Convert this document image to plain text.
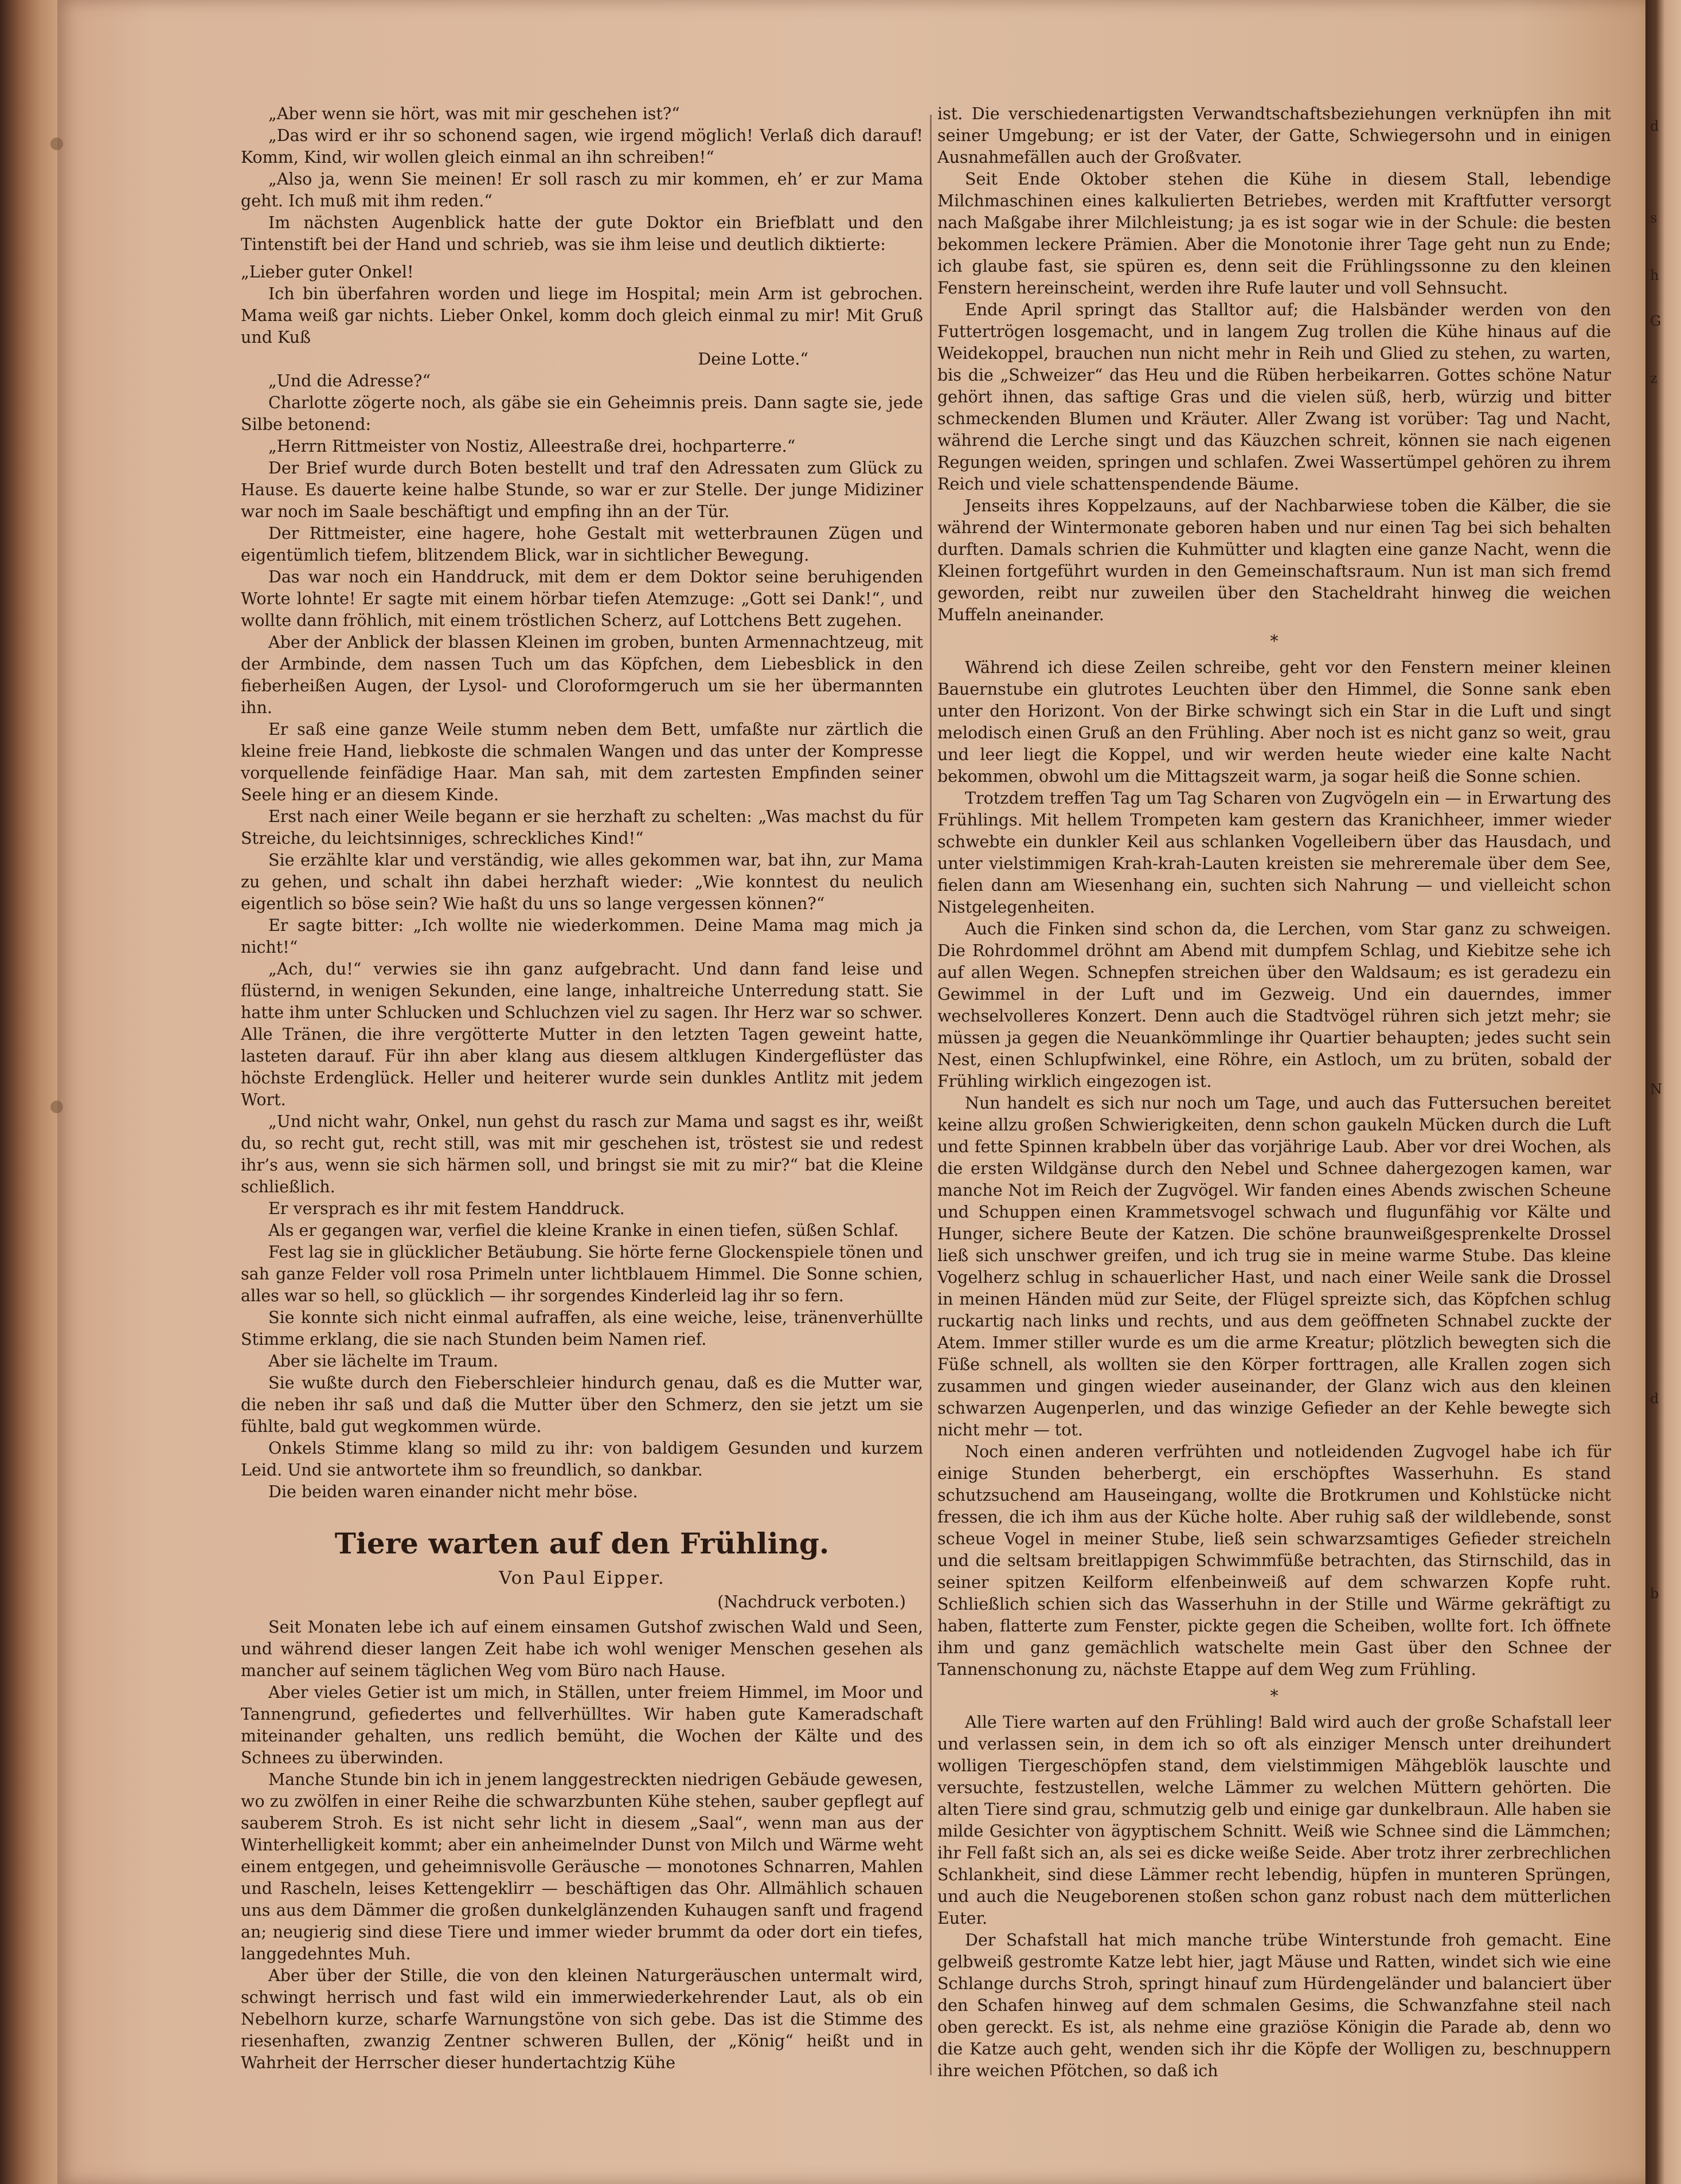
„Aber wenn sie hört, was mit mir geschehen ist?“

„Das wird er ihr so schonend sagen, wie irgend möglich! Verlaß dich darauf! Komm, Kind, wir wollen gleich einmal an ihn schreiben!“

„Also ja, wenn Sie meinen! Er soll rasch zu mir kommen, eh’ er zur Mama geht. Ich muß mit ihm reden.“

Im nächsten Augenblick hatte der gute Doktor ein Briefblatt und den Tintenstift bei der Hand und schrieb, was sie ihm leise und deutlich diktierte:

„Lieber guter Onkel!

Ich bin überfahren worden und liege im Hospital; mein Arm ist gebrochen. Mama weiß gar nichts. Lieber Onkel, komm doch gleich einmal zu mir! Mit Gruß und Kuß

Deine Lotte.“

„Und die Adresse?“

Charlotte zögerte noch, als gäbe sie ein Geheimnis preis. Dann sagte sie, jede Silbe betonend:

„Herrn Rittmeister von Nostiz, Alleestraße drei, hochparterre.“

Der Brief wurde durch Boten bestellt und traf den Adressaten zum Glück zu Hause. Es dauerte keine halbe Stunde, so war er zur Stelle. Der junge Midiziner war noch im Saale beschäftigt und empfing ihn an der Tür.

Der Rittmeister, eine hagere, hohe Gestalt mit wetterbraunen Zügen und eigentümlich tiefem, blitzendem Blick, war in sichtlicher Bewegung.

Das war noch ein Handdruck, mit dem er dem Doktor seine beruhigenden Worte lohnte! Er sagte mit einem hörbar tiefen Atemzuge: „Gott sei Dank!“, und wollte dann fröhlich, mit einem tröstlichen Scherz, auf Lottchens Bett zugehen.

Aber der Anblick der blassen Kleinen im groben, bunten Armennachtzeug, mit der Armbinde, dem nassen Tuch um das Köpfchen, dem Liebesblick in den fieberheißen Augen, der Lysol- und Cloroformgeruch um sie her übermannten ihn.

Er saß eine ganze Weile stumm neben dem Bett, umfaßte nur zärtlich die kleine freie Hand, liebkoste die schmalen Wangen und das unter der Kompresse vorquellende feinfädige Haar. Man sah, mit dem zartesten Empfinden seiner Seele hing er an diesem Kinde.

Erst nach einer Weile begann er sie herzhaft zu schelten: „Was machst du für Streiche, du leichtsinniges, schreckliches Kind!“

Sie erzählte klar und verständig, wie alles gekommen war, bat ihn, zur Mama zu gehen, und schalt ihn dabei herzhaft wieder: „Wie konntest du neulich eigentlich so böse sein? Wie haßt du uns so lange vergessen können?“

Er sagte bitter: „Ich wollte nie wiederkommen. Deine Mama mag mich ja nicht!“

„Ach, du!“ verwies sie ihn ganz aufgebracht. Und dann fand leise und flüsternd, in wenigen Sekunden, eine lange, inhaltreiche Unterredung statt. Sie hatte ihm unter Schlucken und Schluchzen viel zu sagen. Ihr Herz war so schwer. Alle Tränen, die ihre vergötterte Mutter in den letzten Tagen geweint hatte, lasteten darauf. Für ihn aber klang aus diesem altklugen Kindergeflüster das höchste Erdenglück. Heller und heiterer wurde sein dunkles Antlitz mit jedem Wort.

„Und nicht wahr, Onkel, nun gehst du rasch zur Mama und sagst es ihr, weißt du, so recht gut, recht still, was mit mir geschehen ist, tröstest sie und redest ihr’s aus, wenn sie sich härmen soll, und bringst sie mit zu mir?“ bat die Kleine schließlich.

Er versprach es ihr mit festem Handdruck.

Als er gegangen war, verfiel die kleine Kranke in einen tiefen, süßen Schlaf.

Fest lag sie in glücklicher Betäubung. Sie hörte ferne Glockenspiele tönen und sah ganze Felder voll rosa Primeln unter lichtblauem Himmel. Die Sonne schien, alles war so hell, so glücklich — ihr sorgendes Kinderleid lag ihr so fern.

Sie konnte sich nicht einmal aufraffen, als eine weiche, leise, tränenverhüllte Stimme erklang, die sie nach Stunden beim Namen rief.

Aber sie lächelte im Traum.

Sie wußte durch den Fieberschleier hindurch genau, daß es die Mutter war, die neben ihr saß und daß die Mutter über den Schmerz, den sie jetzt um sie fühlte, bald gut wegkommen würde.

Onkels Stimme klang so mild zu ihr: von baldigem Gesunden und kurzem Leid. Und sie antwortete ihm so freundlich, so dankbar.

Die beiden waren einander nicht mehr böse.

Tiere warten auf den Frühling.
Von Paul Eipper.
(Nachdruck verboten.)

Seit Monaten lebe ich auf einem einsamen Gutshof zwischen Wald und Seen, und während dieser langen Zeit habe ich wohl weniger Menschen gesehen als mancher auf seinem täglichen Weg vom Büro nach Hause.

Aber vieles Getier ist um mich, in Ställen, unter freiem Himmel, im Moor und Tannengrund, gefiedertes und fellverhülltes. Wir haben gute Kameradschaft miteinander gehalten, uns redlich bemüht, die Wochen der Kälte und des Schnees zu überwinden.

Manche Stunde bin ich in jenem langgestreckten niedrigen Gebäude gewesen, wo zu zwölfen in einer Reihe die schwarzbunten Kühe stehen, sauber gepflegt auf sauberem Stroh. Es ist nicht sehr licht in diesem „Saal“, wenn man aus der Winterhelligkeit kommt; aber ein anheimelnder Dunst von Milch und Wärme weht einem entgegen, und geheimnisvolle Geräusche — monotones Schnarren, Mahlen und Rascheln, leises Kettengeklirr — beschäftigen das Ohr. Allmählich schauen uns aus dem Dämmer die großen dunkelglänzenden Kuhaugen sanft und fragend an; neugierig sind diese Tiere und immer wieder brummt da oder dort ein tiefes, langgedehntes Muh.

Aber über der Stille, die von den kleinen Naturgeräuschen untermalt wird, schwingt herrisch und fast wild ein immerwiederkehrender Laut, als ob ein Nebelhorn kurze, scharfe Warnungstöne von sich gebe. Das ist die Stimme des riesenhaften, zwanzig Zentner schweren Bullen, der „König“ heißt und in Wahrheit der Herrscher dieser hundertachtzig Kühe

ist. Die verschiedenartigsten Verwandtschaftsbeziehungen verknüpfen ihn mit seiner Umgebung; er ist der Vater, der Gatte, Schwiegersohn und in einigen Ausnahmefällen auch der Großvater.

Seit Ende Oktober stehen die Kühe in diesem Stall, lebendige Milchmaschinen eines kalkulierten Betriebes, werden mit Kraftfutter versorgt nach Maßgabe ihrer Milchleistung; ja es ist sogar wie in der Schule: die besten bekommen leckere Prämien. Aber die Monotonie ihrer Tage geht nun zu Ende; ich glaube fast, sie spüren es, denn seit die Frühlingssonne zu den kleinen Fenstern hereinscheint, werden ihre Rufe lauter und voll Sehnsucht.

Ende April springt das Stalltor auf; die Halsbänder werden von den Futtertrögen losgemacht, und in langem Zug trollen die Kühe hinaus auf die Weidekoppel, brauchen nun nicht mehr in Reih und Glied zu stehen, zu warten, bis die „Schweizer“ das Heu und die Rüben herbeikarren. Gottes schöne Natur gehört ihnen, das saftige Gras und die vielen süß, herb, würzig und bitter schmeckenden Blumen und Kräuter. Aller Zwang ist vorüber: Tag und Nacht, während die Lerche singt und das Käuzchen schreit, können sie nach eigenen Regungen weiden, springen und schlafen. Zwei Wassertümpel gehören zu ihrem Reich und viele schattenspendende Bäume.

Jenseits ihres Koppelzauns, auf der Nachbarwiese toben die Kälber, die sie während der Wintermonate geboren haben und nur einen Tag bei sich behalten durften. Damals schrien die Kuhmütter und klagten eine ganze Nacht, wenn die Kleinen fortgeführt wurden in den Gemeinschaftsraum. Nun ist man sich fremd geworden, reibt nur zuweilen über den Stacheldraht hinweg die weichen Muffeln aneinander.

*

Während ich diese Zeilen schreibe, geht vor den Fenstern meiner kleinen Bauernstube ein glutrotes Leuchten über den Himmel, die Sonne sank eben unter den Horizont. Von der Birke schwingt sich ein Star in die Luft und singt melodisch einen Gruß an den Frühling. Aber noch ist es nicht ganz so weit, grau und leer liegt die Koppel, und wir werden heute wieder eine kalte Nacht bekommen, obwohl um die Mittagszeit warm, ja sogar heiß die Sonne schien.

Trotzdem treffen Tag um Tag Scharen von Zugvögeln ein — in Erwartung des Frühlings. Mit hellem Trompeten kam gestern das Kranichheer, immer wieder schwebte ein dunkler Keil aus schlanken Vogelleibern über das Hausdach, und unter vielstimmigen Krah-krah-Lauten kreisten sie mehreremale über dem See, fielen dann am Wiesenhang ein, suchten sich Nahrung — und vielleicht schon Nistgelegenheiten.

Auch die Finken sind schon da, die Lerchen, vom Star ganz zu schweigen. Die Rohrdommel dröhnt am Abend mit dumpfem Schlag, und Kiebitze sehe ich auf allen Wegen. Schnepfen streichen über den Waldsaum; es ist geradezu ein Gewimmel in der Luft und im Gezweig. Und ein dauerndes, immer wechselvolleres Konzert. Denn auch die Stadtvögel rühren sich jetzt mehr; sie müssen ja gegen die Neuankömmlinge ihr Quartier behaupten; jedes sucht sein Nest, einen Schlupfwinkel, eine Röhre, ein Astloch, um zu brüten, sobald der Frühling wirklich eingezogen ist.

Nun handelt es sich nur noch um Tage, und auch das Futtersuchen bereitet keine allzu großen Schwierigkeiten, denn schon gaukeln Mücken durch die Luft und fette Spinnen krabbeln über das vorjährige Laub. Aber vor drei Wochen, als die ersten Wildgänse durch den Nebel und Schnee dahergezogen kamen, war manche Not im Reich der Zugvögel. Wir fanden eines Abends zwischen Scheune und Schuppen einen Krammetsvogel schwach und flugunfähig vor Kälte und Hunger, sichere Beute der Katzen. Die schöne braunweißgesprenkelte Drossel ließ sich unschwer greifen, und ich trug sie in meine warme Stube. Das kleine Vogelherz schlug in schauerlicher Hast, und nach einer Weile sank die Drossel in meinen Händen müd zur Seite, der Flügel spreizte sich, das Köpfchen schlug ruckartig nach links und rechts, und aus dem geöffneten Schnabel zuckte der Atem. Immer stiller wurde es um die arme Kreatur; plötzlich bewegten sich die Füße schnell, als wollten sie den Körper forttragen, alle Krallen zogen sich zusammen und gingen wieder auseinander, der Glanz wich aus den kleinen schwarzen Augenperlen, und das winzige Gefieder an der Kehle bewegte sich nicht mehr — tot.

Noch einen anderen verfrühten und notleidenden Zugvogel habe ich für einige Stunden beherbergt, ein erschöpftes Wasserhuhn. Es stand schutzsuchend am Hauseingang, wollte die Brotkrumen und Kohlstücke nicht fressen, die ich ihm aus der Küche holte. Aber ruhig saß der wildlebende, sonst scheue Vogel in meiner Stube, ließ sein schwarzsamtiges Gefieder streicheln und die seltsam breitlappigen Schwimmfüße betrachten, das Stirnschild, das in seiner spitzen Keilform elfenbeinweiß auf dem schwarzen Kopfe ruht. Schließlich schien sich das Wasserhuhn in der Stille und Wärme gekräftigt zu haben, flatterte zum Fenster, pickte gegen die Scheiben, wollte fort. Ich öffnete ihm und ganz gemächlich watschelte mein Gast über den Schnee der Tannenschonung zu, nächste Etappe auf dem Weg zum Frühling.

*

Alle Tiere warten auf den Frühling! Bald wird auch der große Schafstall leer und verlassen sein, in dem ich so oft als einziger Mensch unter dreihundert wolligen Tiergeschöpfen stand, dem vielstimmigen Mähgeblök lauschte und versuchte, festzustellen, welche Lämmer zu welchen Müttern gehörten. Die alten Tiere sind grau, schmutzig gelb und einige gar dunkelbraun. Alle haben sie milde Gesichter von ägyptischem Schnitt. Weiß wie Schnee sind die Lämmchen; ihr Fell faßt sich an, als sei es dicke weiße Seide. Aber trotz ihrer zerbrechlichen Schlankheit, sind diese Lämmer recht lebendig, hüpfen in munteren Sprüngen, und auch die Neugeborenen stoßen schon ganz robust nach dem mütterlichen Euter.

Der Schafstall hat mich manche trübe Winterstunde froh gemacht. Eine gelbweiß gestromte Katze lebt hier, jagt Mäuse und Ratten, windet sich wie eine Schlange durchs Stroh, springt hinauf zum Hürdengeländer und balanciert über den Schafen hinweg auf dem schmalen Gesims, die Schwanzfahne steil nach oben gereckt. Es ist, als nehme eine graziöse Königin die Parade ab, denn wo die Katze auch geht, wenden sich ihr die Köpfe der Wolligen zu, beschnuppern ihre weichen Pfötchen, so daß ich

d
s
h
G
z
N
d
b
